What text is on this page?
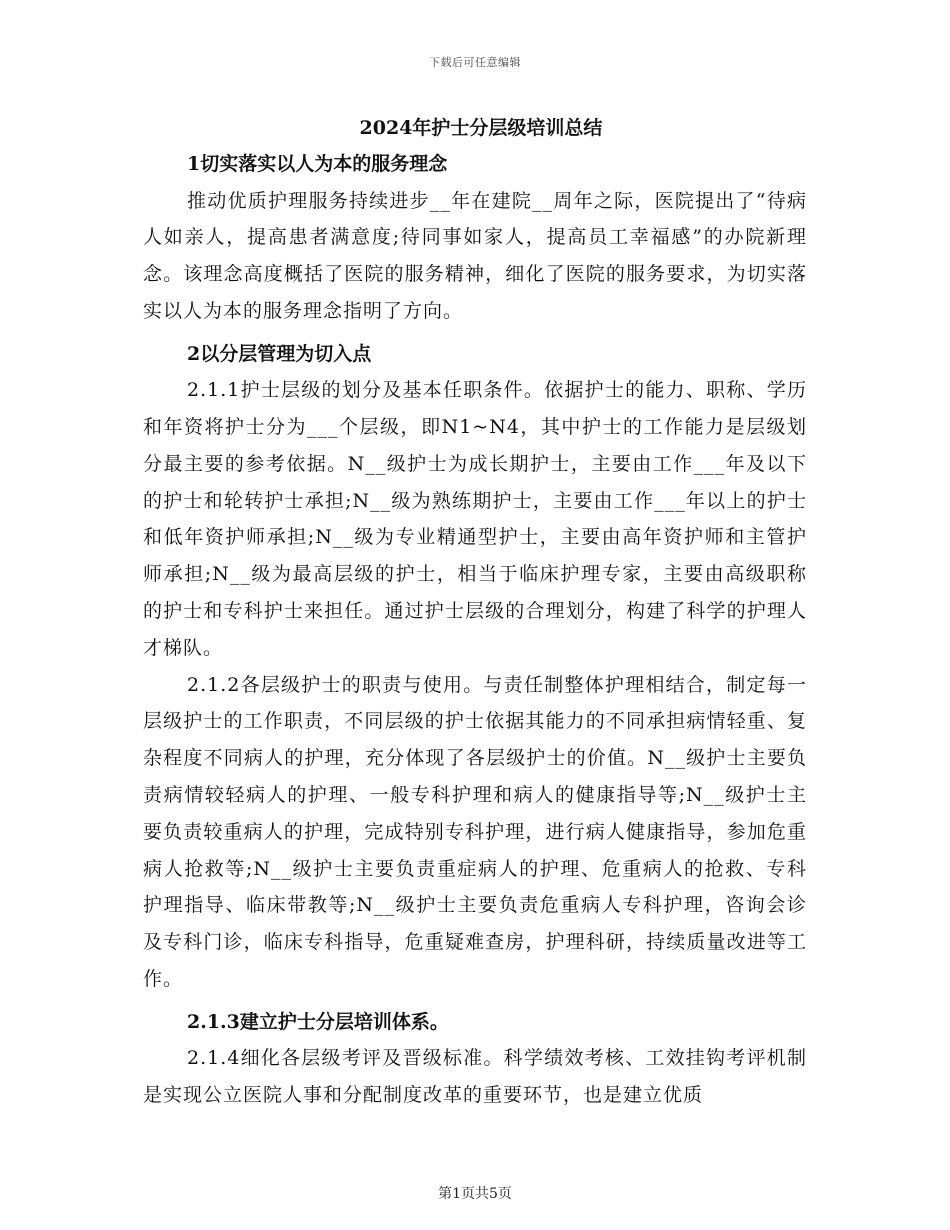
下载后可任意编辑
2024年护士分层级培训总结
1切实落实以人为本的服务理念

推动优质护理服务持续进步__年在建院__周年之际，医院提出了“待病人如亲人，提高患者满意度;待同事如家人，提高员工幸福感”的办院新理念。该理念高度概括了医院的服务精神，细化了医院的服务要求，为切实落实以人为本的服务理念指明了方向。

2以分层管理为切入点

2.1.1护士层级的划分及基本任职条件。依据护士的能力、职称、学历和年资将护士分为___个层级，即N1~N4，其中护士的工作能力是层级划分最主要的参考依据。N__级护士为成长期护士，主要由工作___年及以下的护士和轮转护士承担;N__级为熟练期护士，主要由工作___年以上的护士和低年资护师承担;N__级为专业精通型护士，主要由高年资护师和主管护师承担;N__级为最高层级的护士，相当于临床护理专家，主要由高级职称的护士和专科护士来担任。通过护士层级的合理划分，构建了科学的护理人才梯队。

2.1.2各层级护士的职责与使用。与责任制整体护理相结合，制定每一层级护士的工作职责，不同层级的护士依据其能力的不同承担病情轻重、复杂程度不同病人的护理，充分体现了各层级护士的价值。N__级护士主要负责病情较轻病人的护理、一般专科护理和病人的健康指导等;N__级护士主要负责较重病人的护理，完成特别专科护理，进行病人健康指导，参加危重病人抢救等;N__级护士主要负责重症病人的护理、危重病人的抢救、专科护理指导、临床带教等;N__级护士主要负责危重病人专科护理，咨询会诊及专科门诊，临床专科指导，危重疑难查房，护理科研，持续质量改进等工作。

2.1.3建立护士分层培训体系。

2.1.4细化各层级考评及晋级标准。科学绩效考核、工效挂钩考评机制是实现公立医院人事和分配制度改革的重要环节，也是建立优质

第1页共5页
